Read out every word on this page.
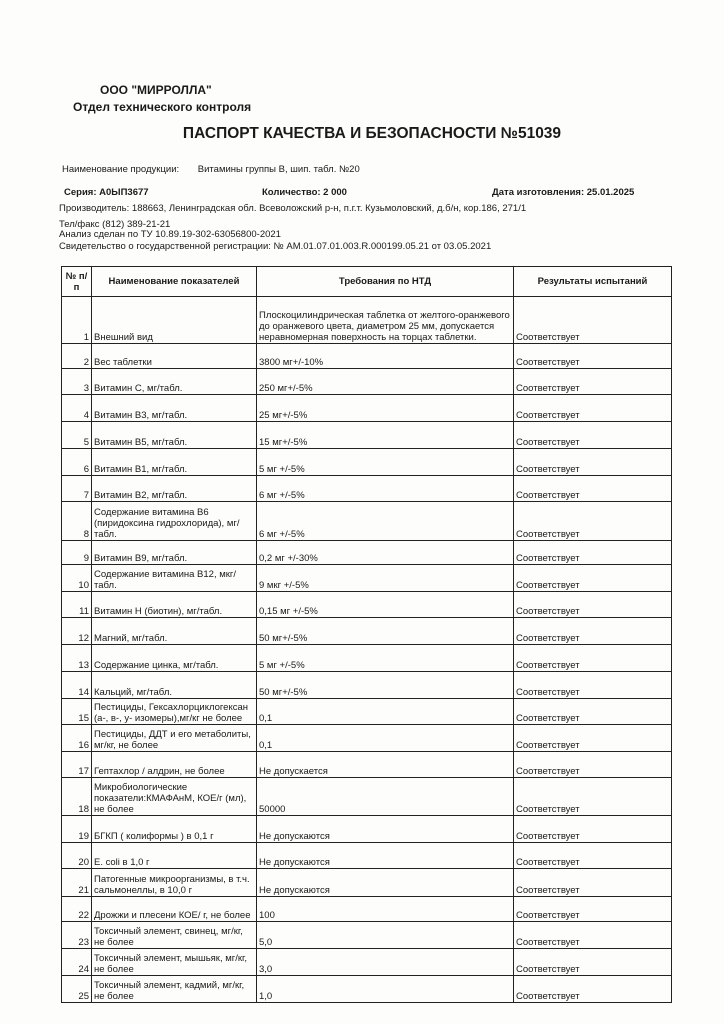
ООО "МИРРОЛЛА"
Отдел технического контроля
ПАСПОРТ КАЧЕСТВА И БЕЗОПАСНОСТИ №51039
Наименование продукции: Витамины группы В, шип. табл. №20
Серия: А0ЫП3677	Количество: 2 000	Дата изготовления: 25.01.2025
Производитель: 188663, Ленинградская обл. Всеволожский р-н, п.г.т. Кузьмоловский, д.б/н, кор.186, 271/1
Тел/факс (812) 389-21-21
Анализ сделан по ТУ 10.89.19-302-63056800-2021
Свидетельство о государственной регистрации: № AM.01.07.01.003.R.000199.05.21 от 03.05.2021
№ п/п	Наименование показателей	Требования по НТД	Результаты испытаний
1	Внешний вид	Плоскоцилиндрическая таблетка от желтого-оранжевого до оранжевого цвета, диаметром 25 мм, допускается неравномерная поверхность на торцах таблетки.	Соответствует
2	Вес таблетки	3800 мг+/-10%	Соответствует
3	Витамин С, мг/табл.	250 мг+/-5%	Соответствует
4	Витамин В3, мг/табл.	25 мг+/-5%	Соответствует
5	Витамин В5, мг/табл.	15 мг+/-5%	Соответствует
6	Витамин В1, мг/табл.	5 мг +/-5%	Соответствует
7	Витамин В2, мг/табл.	6 мг +/-5%	Соответствует
8	Содержание витамина В6 (пиридоксина гидрохлорида), мг/табл.	6 мг +/-5%	Соответствует
9	Витамин В9, мг/табл.	0,2 мг +/-30%	Соответствует
10	Содержание витамина В12, мкг/табл.	9 мкг +/-5%	Соответствует
11	Витамин Н (биотин), мг/табл.	0,15 мг +/-5%	Соответствует
12	Магний, мг/табл.	50 мг+/-5%	Соответствует
13	Содержание цинка, мг/табл.	5 мг +/-5%	Соответствует
14	Кальций, мг/табл.	50 мг+/-5%	Соответствует
15	Пестициды, Гексахлорциклогексан (а-, в-, у- изомеры),мг/кг не более	0,1	Соответствует
16	Пестициды, ДДТ и его метаболиты, мг/кг, не более	0,1	Соответствует
17	Гептахлор / алдрин, не более	Не допускается	Соответствует
18	Микробиологические показатели:КМАФАнМ, КОЕ/г (мл), не более	50000	Соответствует
19	БГКП ( колиформы ) в 0,1 г	Не допускаются	Соответствует
20	E. coli в 1,0 г	Не допускаются	Соответствует
21	Патогенные микроорганизмы, в т.ч. сальмонеллы, в 10,0 г	Не допускаются	Соответствует
22	Дрожжи и плесени КОЕ/ г, не более	100	Соответствует
23	Токсичный элемент, свинец, мг/кг, не более	5,0	Соответствует
24	Токсичный элемент, мышьяк, мг/кг, не более	3,0	Соответствует
25	Токсичный элемент, кадмий, мг/кг, не более	1,0	Соответствует
